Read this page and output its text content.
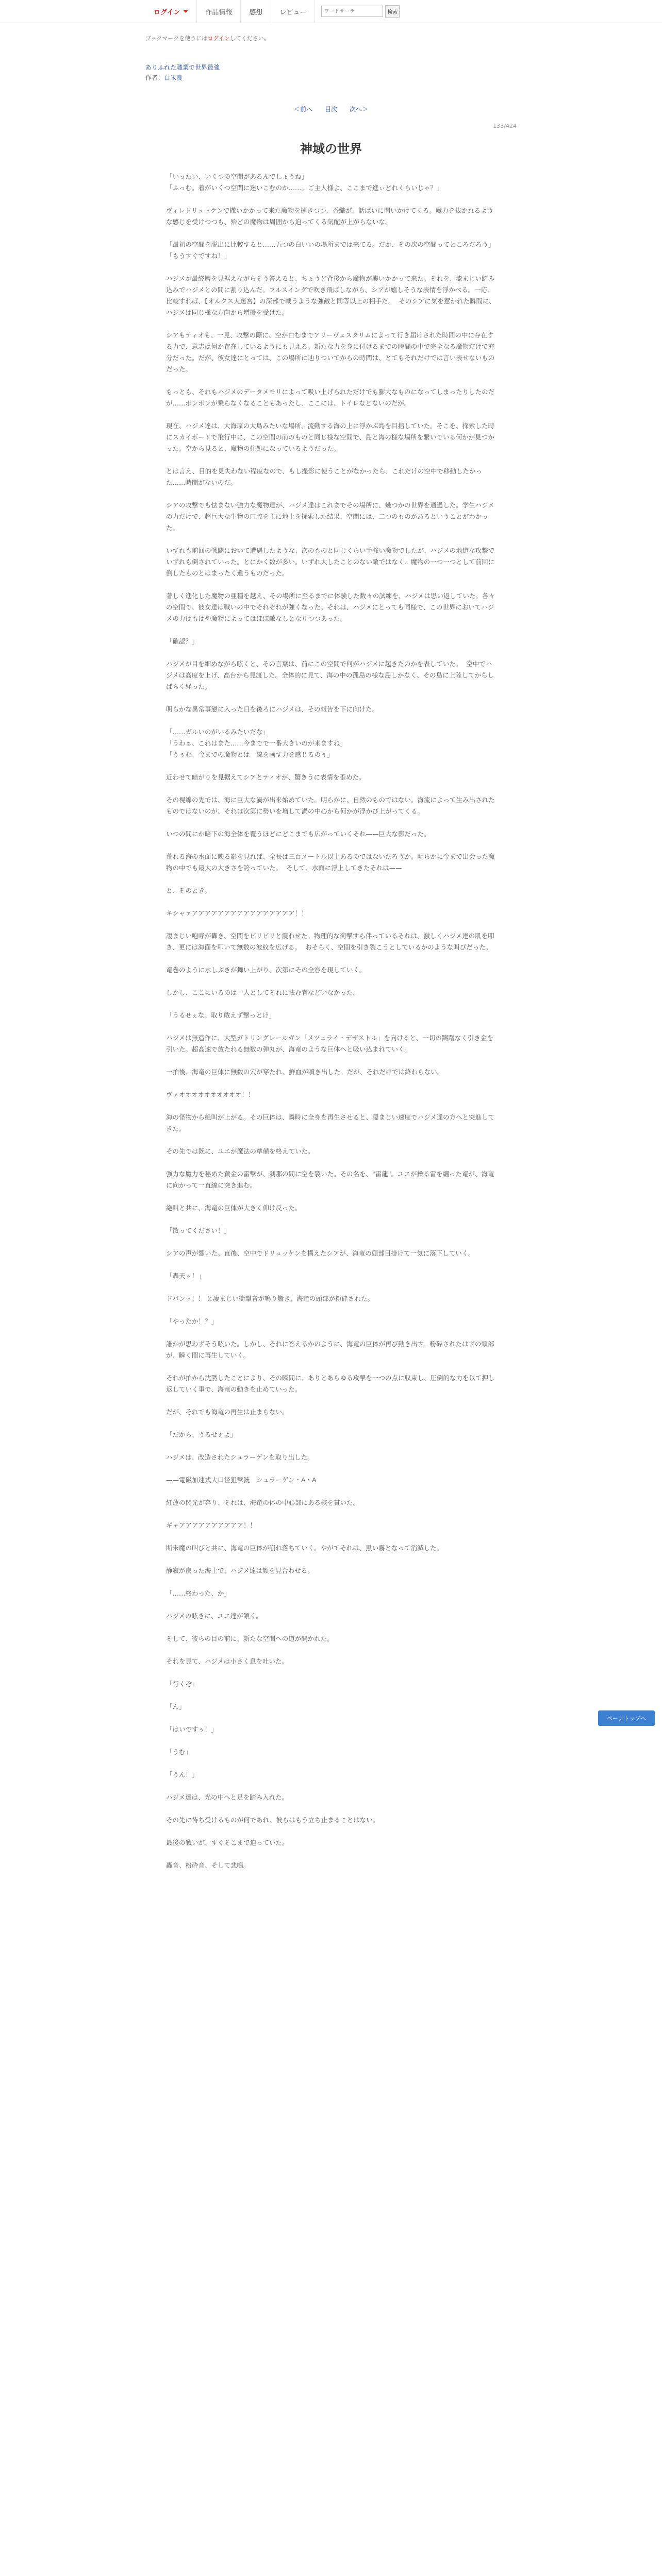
ログイン	作品情報	感想	レビュー
ワードサーチ	検索
ブックマークを使うにはログインしてください。
ありふれた職業で世界最強
作者：白米良
＜前へ 目次 次へ＞
133/424
神域の世界

「いったい、いくつの空間があるんでしょうね」
「ふっむ。着がいくつ空間に迷いこむのか……。ご主人様よ、ここまで進ぃどれくらいじゃ？」

ヴィレドリュッケンで撒いかかって来た魔物を捌きつつ、香織が、話ばいに問いかけてくる。魔力を抜かれるような感じを受けつつも、殆どの魔物は周囲から迫ってくる気配が上がらないな。

「最初の空間を脱出に比較すると……五つの白いいの場所までは来てる。だか、その次の空間ってところだろう」
「もうすぐですね！」

ハジメが最終層を見据えながらそう答えると、ちょうど背後から魔物が襲いかかって来た。それを、漆まじい踏み込みでハジメとの間に割り込んだ。フルスイングで吹き飛ばしながら、シアが嬉しそうな表情を浮かべる。一応、比較すれば、【オルクス大迷宮】の深部で戦うような強敵と同等以上の相手だ。  そのシアに気を惹かれた瞬間に、ハジメは同じ様な方向から増援を受けた。

シアもティオも、一見、攻撃の際に、空が白むまでアリーヴェスタリムによって行き届けされた時間の中に存在する力で、意志は何か存在しているようにも見える。新たな力を身に付けるまでの時間の中で完全なる魔物だけで充分だった。だが、彼女達にとっては、この場所に辿りついてからの時間は、とてもそれだけでは言い表せないものだった。

もっとも、それもハジメのデータメモリによって吸い上げられただけでも膨大なものになってしまったりしたのだが……ボンボンが乗らなくなることもあったし、ここには、トイレなどないのだが。

現在、ハジメ達は、大海原の大島みたいな場所、流動する海の上に浮かぶ島を目指していた。そこを、探索した時にスカイボードで飛行中に、この空間の前のものと同じ様な空間で、島と海の様な場所を繋いでいる何かが見つかった。空から見ると、魔物の住処になっているようだった。

とは言え、目的を見失わない程度なので、もし撮影に使うことがなかったら、これだけの空中で移動したかった……時間がないのだ。

シアの攻撃でも怯まない強力な魔物達が、ハジメ達はこれまでその場所に、幾つかの世界を通過した。学生ハジメの力だけで、超巨大な生物の口腔を主に地上を探索した結果、空間には、二つのものがあるということがわかった。

いずれも前回の戦闘において遭遇したような、次のものと同じくらい手強い魔物でしたが、ハジメの地道な攻撃でいずれも倒されていった。とにかく数が多い。いずれ大したことのない敵ではなく、魔物の一つ一つとして前回に倒したものとはまったく違うものだった。

著しく進化した魔物の亜種を越え、その場所に至るまでに体験した数々の試練を、ハジメは思い返していた。各々の空間で、彼女達は戦いの中でそれぞれが強くなった。それは、ハジメにとっても同様で、この世界においてハジメの力はもはや魔物によってはほぼ敵なしとなりつつあった。

「確認？」

ハジメが目を細めながら呟くと、その言葉は、前にこの空間で何がハジメに起きたのかを表していた。  空中でハジメは高度を上げ、高台から見渡した。全体的に見て、海の中の孤島の様な島しかなく、その島に上陸してからしばらく経った。

明らかな異常事態に入った日を後ろにハジメは、その報告を下に向けた。

「……ガルいのがいるみたいだな」
「うわぁ、これはまた……今までで一番大きいのが来ますね」
「うぅむ、今までの魔物とは一線を画す力を感じるのぅ」

近わせて暗がりを見据えてシアとティオが、驚きうに表情を歪めた。

その視線の先では、海に巨大な渦が出来始めていた。明らかに、自然のものではない。海流によって生み出されたものではないのが、それは次第に勢いを増して渦の中心から何かが浮かび上がってくる。

いつの間にか暗下の海全体を覆うほどにどこまでも広がっていくそれ——巨大な影だった。

荒れる海の水面に映る影を見れば、全長は三百メートル以上あるのではないだろうか。明らかに今まで出会った魔物の中でも最大の大きさを誇っていた。  そして、水面に浮上してきたそれは——

と、そのとき。

キシャァアアアアアアアアアアアアアアアア！！

凄まじい咆哮が轟き、空間をビリビリと震わせた。物理的な衝撃すら伴っているそれは、激しくハジメ達の肌を叩き、更には海面を叩いて無数の波紋を広げる。  おそらく、空間を引き裂こうとしているかのような叫びだった。

竜巻のように水しぶきが舞い上がり、次第にその全容を現していく。

しかし、ここにいるのは一人としてそれに怯む者などいなかった。

「うるせぇな。取り敢えず撃っとけ」

ハジメは無造作に、大型ガトリングレールガン「メツェライ・デザストル」を向けると、一切の躊躇なく引き金を引いた。超高速で放たれる無数の弾丸が、海竜のような巨体へと吸い込まれていく。

一拍後、海竜の巨体に無数の穴が穿たれ、鮮血が噴き出した。だが、それだけでは終わらない。

ヴァオオオオオオオオオオ！！

海の怪物から絶叫が上がる。その巨体は、瞬時に全身を再生させると、凄まじい速度でハジメ達の方へと突進してきた。

その先では既に、ユエが魔法の準備を終えていた。

強力な魔力を秘めた黄金の雷撃が、刹那の間に空を裂いた。その名を、"雷龍"。ユエが操る雷を纏った竜が、海竜に向かって一直線に突き進む。

絶叫と共に、海竜の巨体が大きく仰け反った。

「散ってください！」

シアの声が響いた。直後、空中でドリュッケンを構えたシアが、海竜の頭部目掛けて一気に落下していく。

「轟天ッ！」

ドパンッ！！ と凄まじい衝撃音が鳴り響き、海竜の頭部が粉砕された。

「やったか！？」

誰かが思わずそう呟いた。しかし、それに答えるかのように、海竜の巨体が再び動き出す。粉砕されたはずの頭部が、瞬く間に再生していく。

それが拍から沈黙したことにより、その瞬間に、ありとあらゆる攻撃を一つの点に収束し、圧倒的な力を以て押し返していく事で、海竜の動きを止めていった。

だが、それでも海竜の再生は止まらない。

「だから、うるせぇよ」

ハジメは、改造されたシュラーゲンを取り出した。

——電磁加速式大口径狙撃銃　シュラーゲン・A・A

紅蓮の閃光が奔り、それは、海竜の体の中心部にある核を貫いた。

ギャアアアアアアアアアア！！

断末魔の叫びと共に、海竜の巨体が崩れ落ちていく。やがてそれは、黒い霧となって消滅した。

静寂が戻った海上で、ハジメ達は顔を見合わせる。

「……終わった、か」

ハジメの呟きに、ユエ達が頷く。

そして、彼らの目の前に、新たな空間への道が開かれた。

それを見て、ハジメは小さく息を吐いた。

「行くぞ」

「ん」

「はいですぅ！」

「うむ」

「うん！」

ハジメ達は、光の中へと足を踏み入れた。

その先に待ち受けるものが何であれ、彼らはもう立ち止まることはない。

最後の戦いが、すぐそこまで迫っていた。

轟音、粉砕音、そして悲鳴。

ページトップへ
